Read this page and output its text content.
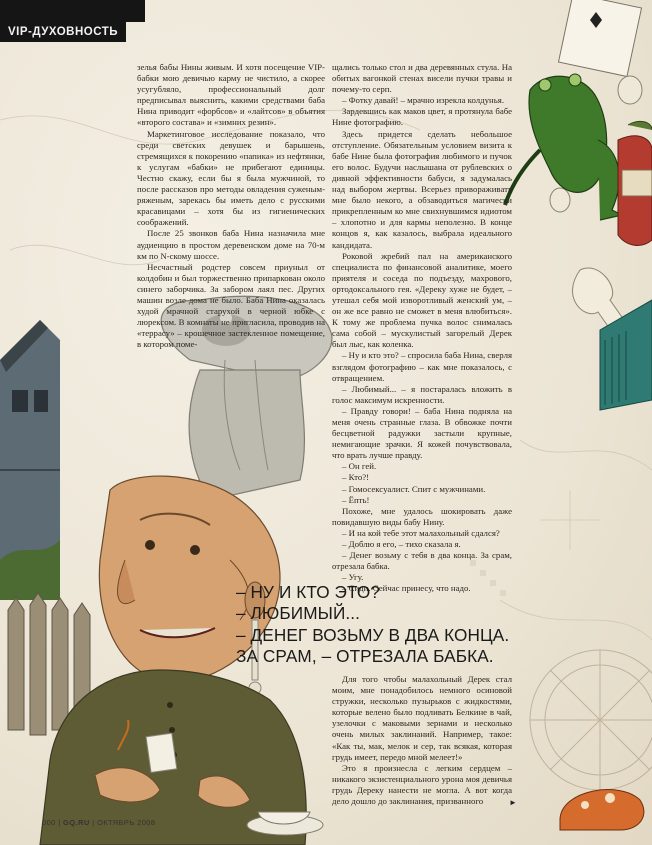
VIP-ДУХОВНОСТЬ

зелья бабы Нины живым. И хотя посещение VIP-бабки мою девичью карму не чистило, а скорее усугубляло, профессиональный долг предписывал выяснить, какими средствами баба Нина приводит «форбсов» и «лайтсов» в объятия «второго состава» и «зимних резин».

Маркетинговое исследование показало, что среди светских девушек и барышень, стремящихся к покорению «папика» из нефтянки, к услугам «бабки» не прибегают единицы. Честно скажу, если бы я была мужчиной, то после рассказов про методы овладения суженым-ряженым, зарекась бы иметь дело с русскими красавицами – хотя бы из гигиенических соображений.

После 25 звонков баба Нина назначила мне аудиенцию в простом деревенском доме на 70-м км по N-скому шоссе.

Несчастный родстер совсем приуныл от колдобин и был торжественно припаркован около синего заборчика. За забором лаял пес. Других машин возле дома не было. Баба Нина оказалась худой мрачной старухой в черной юбке с люрексом. В комнаты не пригласила, проводив на «террасу» – крошечное застекленное помещение, в котором поме-

щались только стол и два деревянных стула. На обитых вагонкой стенах висели пучки травы и почему-то серп.

– Фотку давай! – мрачно изрекла колдунья.

Зардевшись как маков цвет, я протянула бабе Нине фотографию.

Здесь придется сделать небольшое отступление. Обязательным условием визита к бабе Нине была фотография любимого и пучок его волос. Будучи наслышана от рублевских о дивной эффективности бабуси, я задумалась над выбором жертвы. Всерьез привораживать мне было некого, а обзаводиться магически прикрепленным ко мне свихнувшимся идиотом – хлопотно и для кармы неполезно. В конце концов я, как казалось, выбрала идеального кандидата.

Роковой жребий пал на американского специалиста по финансовой аналитике, моего приятеля и соседа по подъезду, махрового, ортодоксального гея. «Дереку хуже не будет, – утешал себя мой изворотливый женский ум, – он же все равно не сможет в меня влюбиться». К тому же проблема пучка волос снималась сама собой – мускулистый загорелый Дерек был лыс, как коленка.

– Ну и кто это? – спросила баба Нина, сверля взглядом фотографию – как мне показалось, с отвращением.

– Любимый... – я постаралась вложить в голос максимум искренности.

– Правду говори! – баба Нина подняла на меня очень странные глаза. В обвожке почти бесцветной радужки застыли крупные, немигающие зрачки. Я кожей почувствовала, что врать лучше правду.

– Он гей.

– Кто?!

– Гомосексуалист. Спит с мужчинами.

– Ёпть!

Похоже, мне удалось шокировать даже повидавшую виды бабу Нину.

– И на кой тебе этот малахольный сдался?

– Доблю я его, – тихо сказала я.

– Денег возьму с тебя в два конца. За срам, отрезала бабка.

– Угу.

– Сиди. Сейчас принесу, что надо.

– НУ И КТО ЭТО?
– ЛЮБИМЫЙ...
– ДЕНЕГ ВОЗЬМУ В ДВА КОНЦА.
ЗА СРАМ, – ОТРЕЗАЛА БАБКА.

Для того чтобы малахольный Дерек стал моим, мне понадобилось немного осиновой стружки, несколько пузырьков с жидкостями, которые велено было подливать Белкине в чай, узелочки с маковыми зернами и несколько очень милых заклинаний. Например, такое: «Как ты, мак, мелок и сер, так всякая, которая грудь имеет, передо мной мелеет!»

Это я произнесла с легким сердцем – никакого экзистенциального урона моя девичья грудь Дереку нанести не могла. А вот когда дело дошло до заклинания, призванного	►
000 | GQ.RU | ОКТЯБРЬ 2008
